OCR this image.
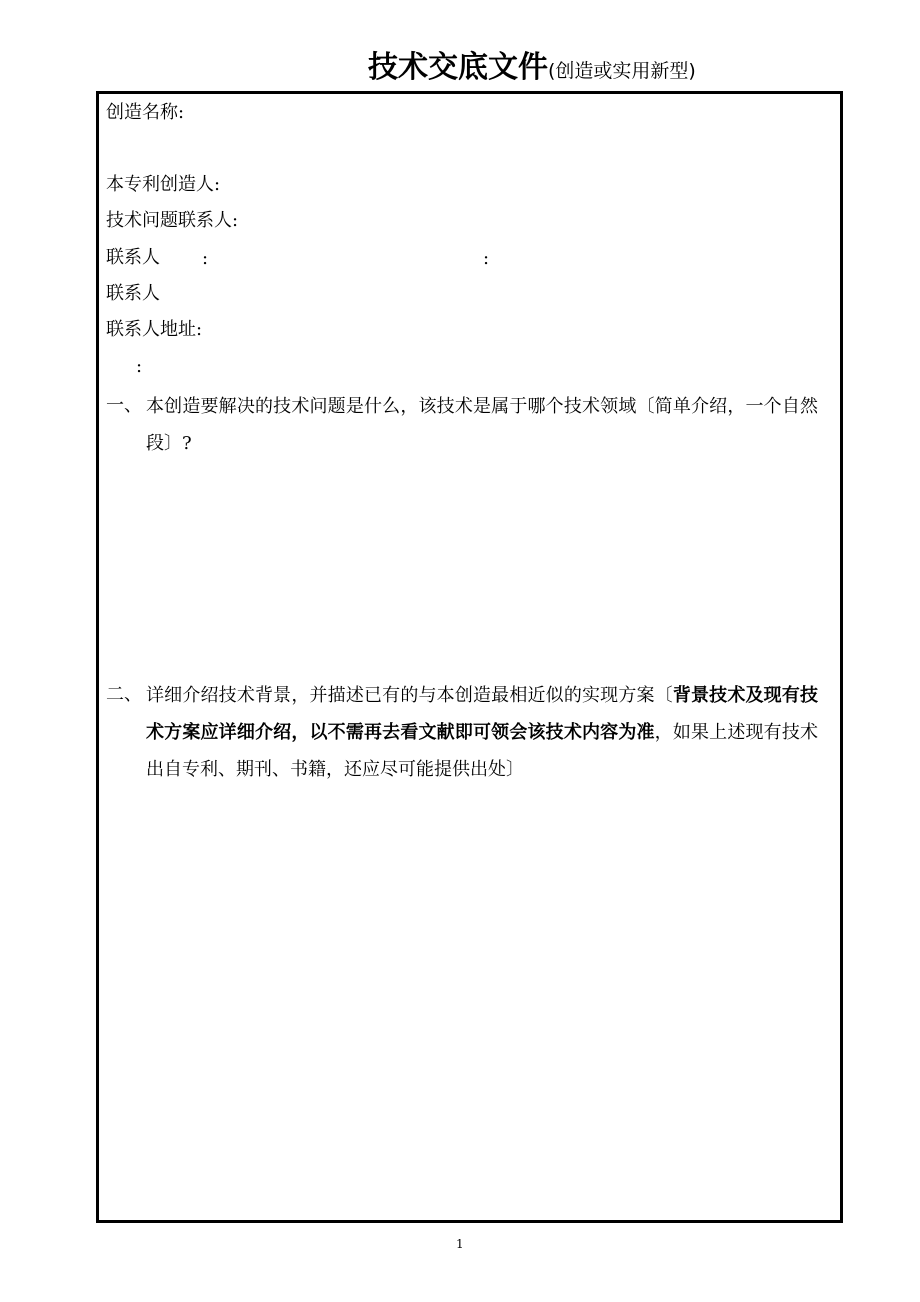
技术交底文件(创造或实用新型)
创造名称:
本专利创造人:
技术问题联系人:
联系人 :	:
联系人
联系人地址:
:
一、 本创造要解决的技术问题是什么，该技术是属于哪个技术领域〔简单介绍，一个自然段〕?
二、 详细介绍技术背景，并描述已有的与本创造最相近似的实现方案〔背景技术及现有技术方案应详细介绍，以不需再去看文献即可领会该技术内容为准，如果上述现有技术出自专利、期刊、书籍，还应尽可能提供出处〕
1
